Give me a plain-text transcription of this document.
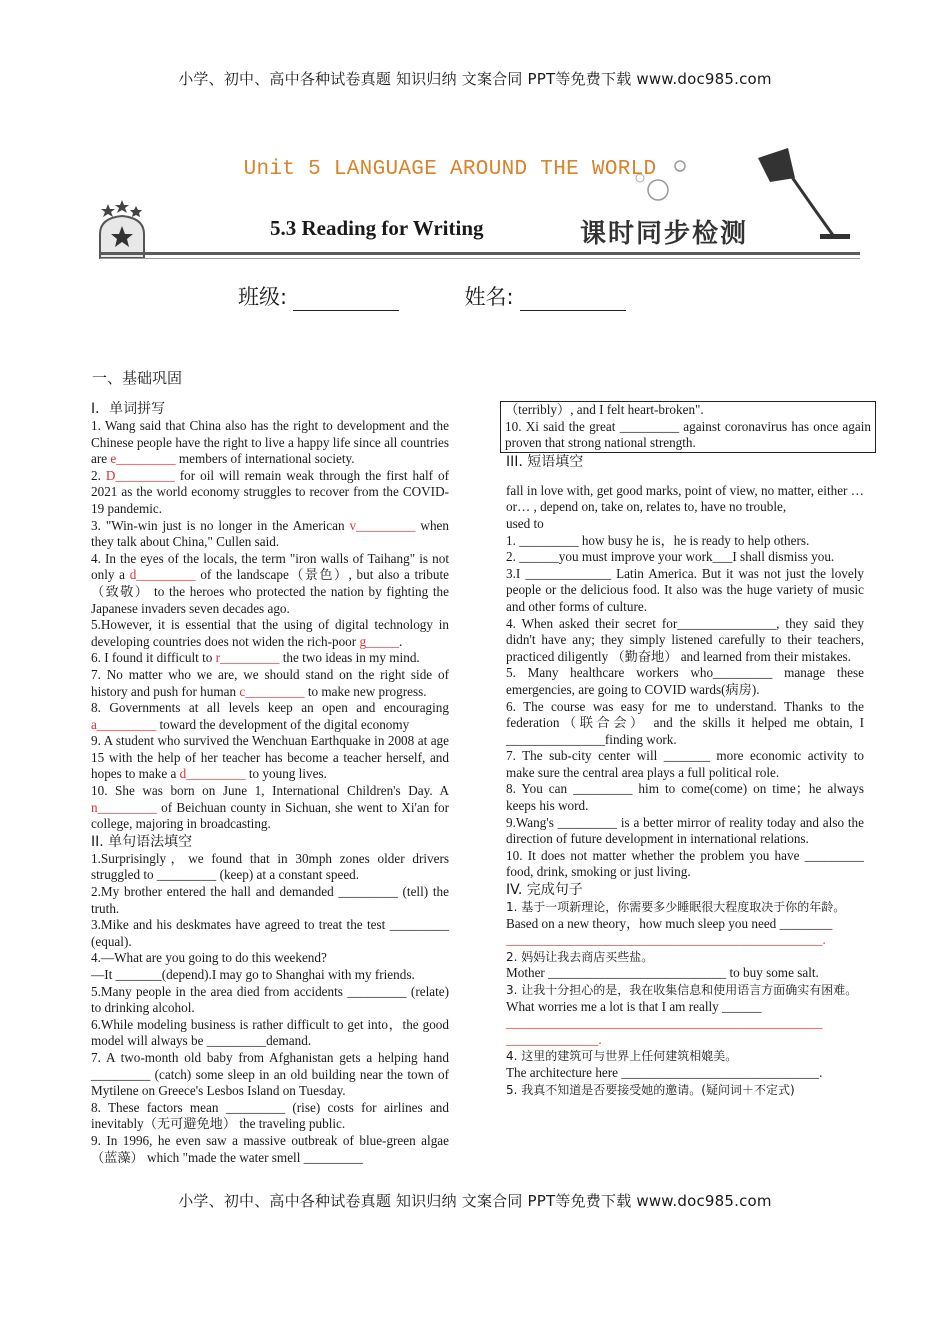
小学、初中、高中各种试卷真题 知识归纳 文案合同 PPT等免费下载 www.doc985.com
Unit 5 LANGUAGE AROUND THE WORLD
5.3 Reading for Writing	课时同步检测
班级:	姓名:
一、基础巩固

I．单词拼写

1. Wang said that China also has the right to development and the Chinese people have the right to live a happy life since all countries are e_________ members of international society.

2. D_________ for oil will remain weak through the first half of 2021 as the world economy struggles to recover from the COVID-19 pandemic.

3. "Win-win just is no longer in the American v_________ when they talk about China," Cullen said.

4. In the eyes of the locals, the term "iron walls of Taihang" is not only a d_________ of the landscape（景色）, but also a tribute（致敬） to the heroes who protected the nation by fighting the Japanese invaders seven decades ago.

5.However, it is essential that the using of digital technology in developing countries does not widen the rich-poor g_____.

6. I found it difficult to r_________ the two ideas in my mind.

7. No matter who we are, we should stand on the right side of history and push for human c_________ to make new progress.

8. Governments at all levels keep an open and encouraging a_________ toward the development of the digital economy

9. A student who survived the Wenchuan Earthquake in 2008 at age 15 with the help of her teacher has become a teacher herself, and hopes to make a d_________ to young lives.

10. She was born on June 1, International Children's Day. A n_________ of Beichuan county in Sichuan, she went to Xi'an for college, majoring in broadcasting.

II. 单句语法填空

1.Surprisingly，we found that in 30mph zones older drivers struggled to _________ (keep) at a constant speed.

2.My brother entered the hall and demanded _________ (tell) the truth.

3.Mike and his deskmates have agreed to treat the test _________ (equal).

4.—What are you going to do this weekend?

—It _______(depend).I may go to Shanghai with my friends.

5.Many people in the area died from accidents _________ (relate) to drinking alcohol.

6.While modeling business is rather difficult to get into，the good model will always be _________demand.

7. A two-month old baby from Afghanistan gets a helping hand _________ (catch) some sleep in an old building near the town of Mytilene on Greece's Lesbos Island on Tuesday.

8. These factors mean _________ (rise) costs for airlines and inevitably（无可避免地） the traveling public.

9. In 1996, he even saw a massive outbreak of blue-green algae（蓝藻） which "made the water smell _________

（terribly）, and I felt heart-broken".

10. Xi said the great _________ against coronavirus has once again proven that strong national strength.

III. 短语填空

fall in love with, get good marks, point of view, no matter, either …or… , depend on, take on, relates to, have no trouble,

used to

1. _________ how busy he is，he is ready to help others.

2. ______you must improve your work___I shall dismiss you.

3.I _____________ Latin America. But it was not just the lovely people or the delicious food. It also was the huge variety of music and other forms of culture.

4. When asked their secret for_______________, they said they didn't have any; they simply listened carefully to their teachers, practiced diligently （勤奋地） and learned from their mistakes.

5. Many healthcare workers who_________ manage these emergencies, are going to COVID wards(病房).

6. The course was easy for me to understand. Thanks to the federation（联合会） and the skills it helped me obtain, I _______________finding work.

7. The sub-city center will _______ more economic activity to make sure the central area plays a full political role.

8. You can _________ him to come(come) on time；he always keeps his word.

9.Wang's _________ is a better mirror of reality today and also the direction of future development in international relations.

10. It does not matter whether the problem you have _________ food, drink, smoking or just living.

IV. 完成句子

1. 基于一项新理论，你需要多少睡眠很大程度取决于你的年龄。

Based on a new theory，how much sleep you need ________

________________________________________________.

2. 妈妈让我去商店买些盐。

Mother ___________________________ to buy some salt.

3. 让我十分担心的是，我在收集信息和使用语言方面确实有困难。

What worries me a lot is that I am really ______

________________________________________________

______________.

4. 这里的建筑可与世界上任何建筑相媲美。

The architecture here ______________________________.

5. 我真不知道是否要接受她的邀请。(疑问词＋不定式)

小学、初中、高中各种试卷真题 知识归纳 文案合同 PPT等免费下载 www.doc985.com
